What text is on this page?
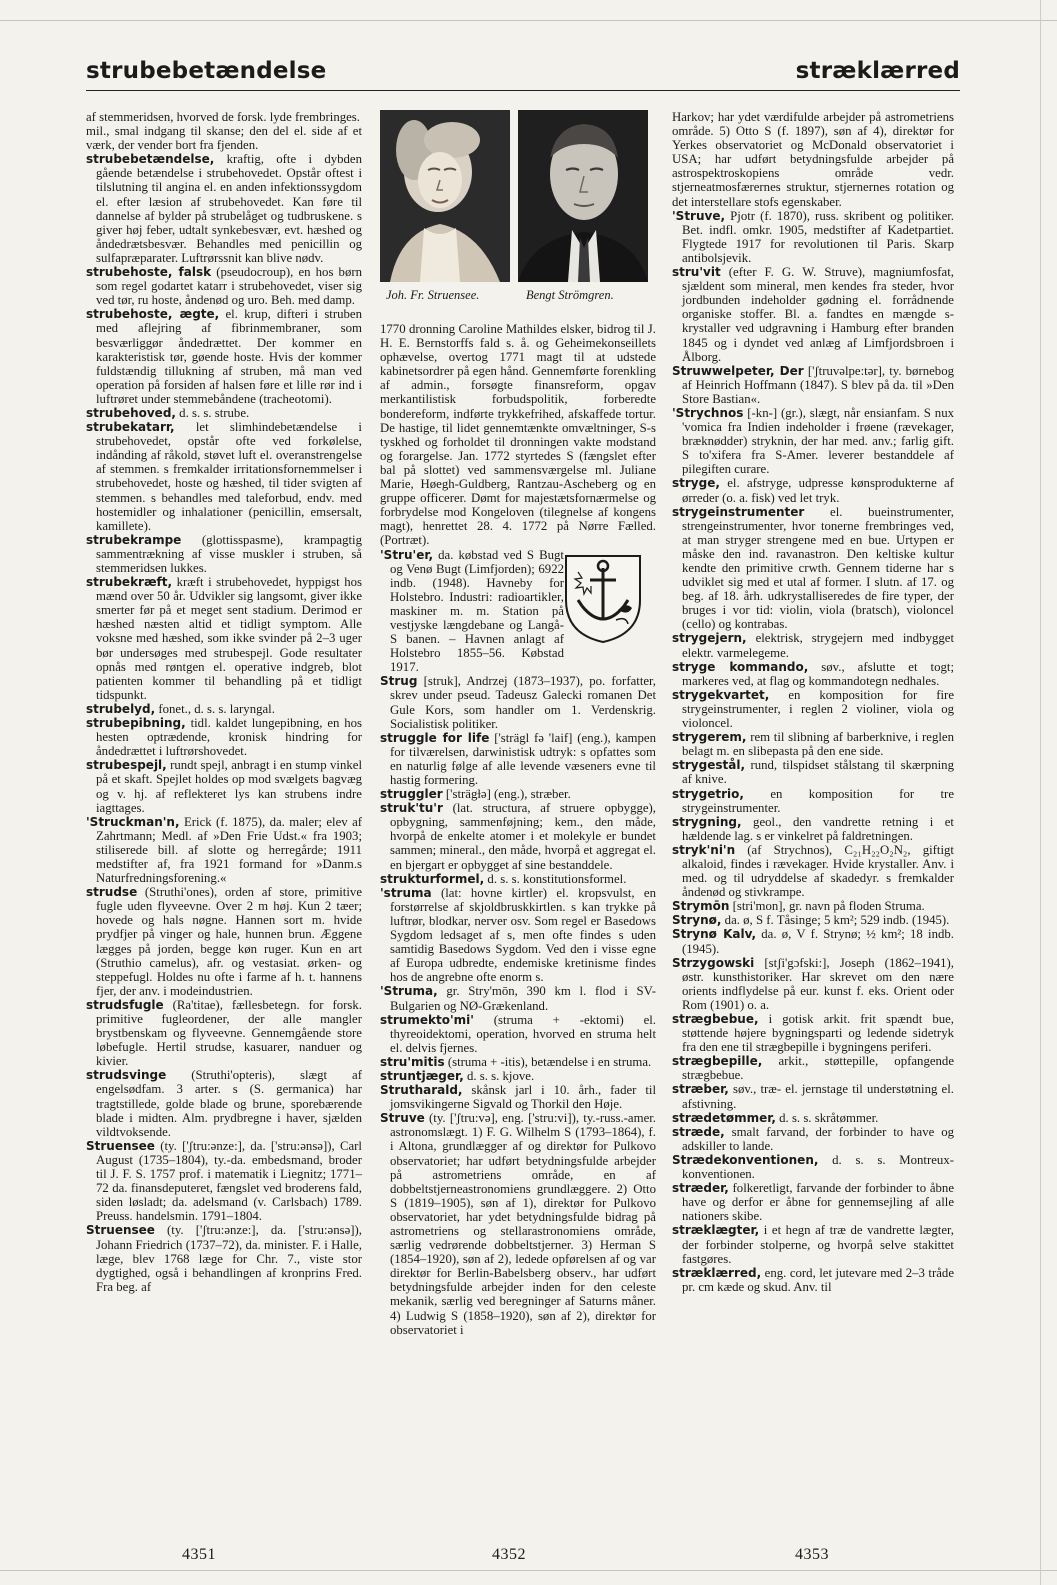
strubebetændelse	stræklærred
af stemmeridsen, hvorved de forsk. lyde frembringes.
mil., smal indgang til skanse; den del el. side af et værk, der vender bort fra fjenden.
strubebetændelse, kraftig, ofte i dybden gående betændelse i strubehovedet. Opstår oftest i tilslutning til angina el. en anden infektionssygdom el. efter læsion af strubehovedet. Kan føre til dannelse af bylder på strubelåget og tudbruskene. s giver høj feber, udtalt synkebesvær, evt. hæshed og åndedrætsbesvær. Behandles med penicillin og sulfapræparater. Luftrørssnit kan blive nødv.
strubehoste, falsk (pseudocroup), en hos børn som regel godartet katarr i strubehovedet, viser sig ved tør, ru hoste, åndenød og uro. Beh. med damp.
strubehoste, ægte, el. krup, difteri i struben med aflejring af fibrinmembraner, som besværliggør åndedrættet. Der kommer en karakteristisk tør, gøende hoste. Hvis der kommer fuldstændig tillukning af struben, må man ved operation på forsiden af halsen føre et lille rør ind i luftrøret under stemmebåndene (tracheotomi).
strubehoved, d. s. s. strube.
strubekatarr, let slimhindebetændelse i strubehovedet, opstår ofte ved forkølelse, indånding af råkold, støvet luft el. overanstrengelse af stemmen. s fremkalder irritationsfornemmelser i strubehovedet, hoste og hæshed, til tider svigten af stemmen. s behandles med taleforbud, endv. med hostemidler og inhalationer (penicillin, emsersalt, kamillete).
strubekrampe (glottisspasme), krampagtig sammentrækning af visse muskler i struben, så stemmeridsen lukkes.
strubekræft, kræft i strubehovedet, hyppigst hos mænd over 50 år. Udvikler sig langsomt, giver ikke smerter før på et meget sent stadium. Derimod er hæshed næsten altid et tidligt symptom. Alle voksne med hæshed, som ikke svinder på 2–3 uger bør undersøges med strubespejl. Gode resultater opnås med røntgen el. operative indgreb, blot patienten kommer til behandling på et tidligt tidspunkt.
strubelyd, fonet., d. s. s. laryngal.
strubepibning, tidl. kaldet lungepibning, en hos hesten optrædende, kronisk hindring for åndedrættet i luftrørshovedet.
strubespejl, rundt spejl, anbragt i en stump vinkel på et skaft. Spejlet holdes op mod svælgets bagvæg og v. hj. af reflekteret lys kan strubens indre iagttages.
'Struckman'n, Erick (f. 1875), da. maler; elev af Zahrtmann; Medl. af »Den Frie Udst.« fra 1903; stiliserede bill. af slotte og herregårde; 1911 medstifter af, fra 1921 formand for »Danm.s Naturfredningsforening.«
strudse (Struthi'ones), orden af store, primitive fugle uden flyveevne. Over 2 m høj. Kun 2 tæer; hovede og hals nøgne. Hannen sort m. hvide prydfjer på vinger og hale, hunnen brun. Æggene lægges på jorden, begge køn ruger. Kun en art (Struthio camelus), afr. og vestasiat. ørken- og steppefugl. Holdes nu ofte i farme af h. t. hannens fjer, der anv. i modeindustrien.
strudsfugle (Ra'titae), fællesbetegn. for forsk. primitive fugleordener, der alle mangler brystbenskam og flyveevne. Gennemgående store løbefugle. Hertil strudse, kasuarer, nanduer og kivier.
strudsvinge (Struthi'opteris), slægt af engelsødfam. 3 arter. s (S. germanica) har tragtstillede, golde blade og brune, sporebærende blade i midten. Alm. prydbregne i haver, sjælden vildtvoksende.
Struensee (ty. ['ʃtru:ənze:], da. ['stru:ənsə]), Carl August (1735–1804), ty.-da. embedsmand, broder til J. F. S. 1757 prof. i matematik i Liegnitz; 1771–72 da. finansdeputeret, fængslet ved broderens fald, siden løsladt; da. adelsmand (v. Carlsbach) 1789. Preuss. handelsmin. 1791–1804.
Struensee (ty. ['ʃtru:ənze:], da. ['stru:ənsə]), Johann Friedrich (1737–72), da. minister. F. i Halle, læge, blev 1768 læge for Chr. 7., viste stor dygtighed, også i behandlingen af kronprins Fred. Fra beg. af
Joh. Fr. Struensee.	Bengt Strömgren.
1770 dronning Caroline Mathildes elsker, bidrog til J. H. E. Bernstorffs fald s. å. og Geheimekonseillets ophævelse, overtog 1771 magt til at udstede kabinetsordrer på egen hånd. Gennemførte forenkling af admin., forsøgte finansreform, opgav merkantilistisk forbudspolitik, forberedte bondereform, indførte trykkefrihed, afskaffede tortur. De hastige, til lidet gennemtænkte omvæltninger, S-s tyskhed og forholdet til dronningen vakte modstand og forargelse. Jan. 1772 styrtedes S (fængslet efter bal på slottet) ved sammensværgelse ml. Juliane Marie, Høegh-Guldberg, Rantzau-Ascheberg og en gruppe officerer. Dømt for majestætsfornærmelse og forbrydelse mod Kongeloven (tilegnelse af kongens magt), henrettet 28. 4. 1772 på Nørre Fælled. (Portræt).
'Stru'er, da. købstad ved S Bugt og Venø Bugt (Limfjorden); 6922 indb. (1948). Havneby for Holstebro. Industri: radioartikler, maskiner m. m. Station på vestjyske længdebane og Langå-S banen. – Havnen anlagt af Holstebro 1855–56. Købstad 1917.
Strug [struk], Andrzej (1873–1937), po. forfatter, skrev under pseud. Tadeusz Galecki romanen Det Gule Kors, som handler om 1. Verdenskrig. Socialistisk politiker.
struggle for life ['strägl fə 'laif] (eng.), kampen for tilværelsen, darwinistisk udtryk: s opfattes som en naturlig følge af alle levende væseners evne til hastig formering.
struggler ['strägɫə] (eng.), stræber.
struk'tu'r (lat. structura, af struere opbygge), opbygning, sammenføjning; kem., den måde, hvorpå de enkelte atomer i et molekyle er bundet sammen; mineral., den måde, hvorpå et aggregat el. en bjergart er opbygget af sine bestanddele.
strukturformel, d. s. s. konstitutionsformel.
'struma (lat: hovne kirtler) el. kropsvulst, en forstørrelse af skjoldbruskkirtlen. s kan trykke på luftrør, blodkar, nerver osv. Som regel er Basedows Sygdom ledsaget af s, men ofte findes s uden samtidig Basedows Sygdom. Ved den i visse egne af Europa udbredte, endemiske kretinisme findes hos de angrebne ofte enorm s.
'Struma, gr. Stry'mōn, 390 km l. flod i SV-Bulgarien og NØ-Grækenland.
strumekto'mi' (struma + -ektomi) el. thyreoidektomi, operation, hvorved en struma helt el. delvis fjernes.
stru'mitis (struma + -itis), betændelse i en struma.
struntjæger, d. s. s. kjove.
Strutharald, skånsk jarl i 10. årh., fader til jomsvikingerne Sigvald og Thorkil den Høje.
Struve (ty. ['ʃtru:və], eng. ['stru:vi]), ty.-russ.-amer. astronomslægt. 1) F. G. Wilhelm S (1793–1864), f. i Altona, grundlægger af og direktør for Pulkovo observatoriet; har udført betydningsfulde arbejder på astrometriens område, en af dobbeltstjerneastronomiens grundlæggere. 2) Otto S (1819–1905), søn af 1), direktør for Pulkovo observatoriet, har ydet betydningsfulde bidrag på astrometriens og stellarastronomiens område, særlig vedrørende dobbeltstjerner. 3) Herman S (1854–1920), søn af 2), ledede opførelsen af og var direktør for Berlin-Babelsberg observ., har udført betydningsfulde arbejder inden for den celeste mekanik, særlig ved beregninger af Saturns måner. 4) Ludwig S (1858–1920), søn af 2), direktør for observatoriet i
Harkov; har ydet værdifulde arbejder på astrometriens område. 5) Otto S (f. 1897), søn af 4), direktør for Yerkes observatoriet og McDonald observatoriet i USA; har udført betydningsfulde arbejder på astrospektroskopiens område vedr. stjerneatmosfærernes struktur, stjernernes rotation og det interstellare stofs egenskaber.
'Struve, Pjotr (f. 1870), russ. skribent og politiker. Bet. indfl. omkr. 1905, medstifter af Kadetpartiet. Flygtede 1917 for revolutionen til Paris. Skarp antibolsjevik.
stru'vit (efter F. G. W. Struve), magniumfosfat, sjældent som mineral, men kendes fra steder, hvor jordbunden indeholder gødning el. forrådnende organiske stoffer. Bl. a. fandtes en mængde s-krystaller ved udgravning i Hamburg efter branden 1845 og i dyndet ved anlæg af Limfjordsbroen i Ålborg.
Struwwelpeter, Der ['ʃtruvəlpe:tər], ty. børnebog af Heinrich Hoffmann (1847). S blev på da. til »Den Store Bastian«.
'Strychnos [-kn-] (gr.), slægt, når ensianfam. S nux 'vomica fra Indien indeholder i frøene (rævekager, bræknødder) stryknin, der har med. anv.; farlig gift. S to'xifera fra S-Amer. leverer bestanddele af pilegiften curare.
stryge, el. afstryge, udpresse kønsprodukterne af ørreder (o. a. fisk) ved let tryk.
strygeinstrumenter el. bueinstrumenter, strengeinstrumenter, hvor tonerne frembringes ved, at man stryger strengene med en bue. Urtypen er måske den ind. ravanastron. Den keltiske kultur kendte den primitive crwth. Gennem tiderne har s udviklet sig med et utal af former. I slutn. af 17. og beg. af 18. årh. udkrystalliseredes de fire typer, der bruges i vor tid: violin, viola (bratsch), violoncel (cello) og kontrabas.
strygejern, elektrisk, strygejern med indbygget elektr. varmelegeme.
stryge kommando, søv., afslutte et togt; markeres ved, at flag og kommandotegn nedhales.
strygekvartet, en komposition for fire strygeinstrumenter, i reglen 2 violiner, viola og violoncel.
strygerem, rem til slibning af barberknive, i reglen belagt m. en slibepasta på den ene side.
strygestål, rund, tilspidset stålstang til skærpning af knive.
strygetrio, en komposition for tre strygeinstrumenter.
strygning, geol., den vandrette retning i et hældende lag. s er vinkelret på faldretningen.
stryk'ni'n (af Strychnos), C₂₁H₂₂O₂N₂, giftigt alkaloid, findes i rævekager. Hvide krystaller. Anv. i med. og til udryddelse af skadedyr. s fremkalder åndenød og stivkrampe.
Strymōn [stri'mon], gr. navn på floden Struma.
Strynø, da. ø, S f. Tåsinge; 5 km²; 529 indb. (1945).
Strynø Kalv, da. ø, V f. Strynø; ½ km²; 18 indb. (1945).
Strzygowski [stʃi'gɔfski:], Joseph (1862–1941), østr. kunsthistoriker. Har skrevet om den nære orients indflydelse på eur. kunst f. eks. Orient oder Rom (1901) o. a.
strægbebue, i gotisk arkit. frit spændt bue, støttende højere bygningsparti og ledende sidetryk fra den ene til strægbepille i bygningens periferi.
strægbepille, arkit., støttepille, opfangende strægbebue.
stræber, søv., træ- el. jernstage til understøtning el. afstivning.
strædetømmer, d. s. s. skråtømmer.
stræde, smalt farvand, der forbinder to have og adskiller to lande.
Strædekonventionen, d. s. s. Montreux-konventionen.
stræder, folkeretligt, farvande der forbinder to åbne have og derfor er åbne for gennemsejling af alle nationers skibe.
stræklægter, i et hegn af træ de vandrette lægter, der forbinder stolperne, og hvorpå selve stakittet fastgøres.
stræklærred, eng. cord, let jutevare med 2–3 tråde pr. cm kæde og skud. Anv. til
4351	4352	4353
